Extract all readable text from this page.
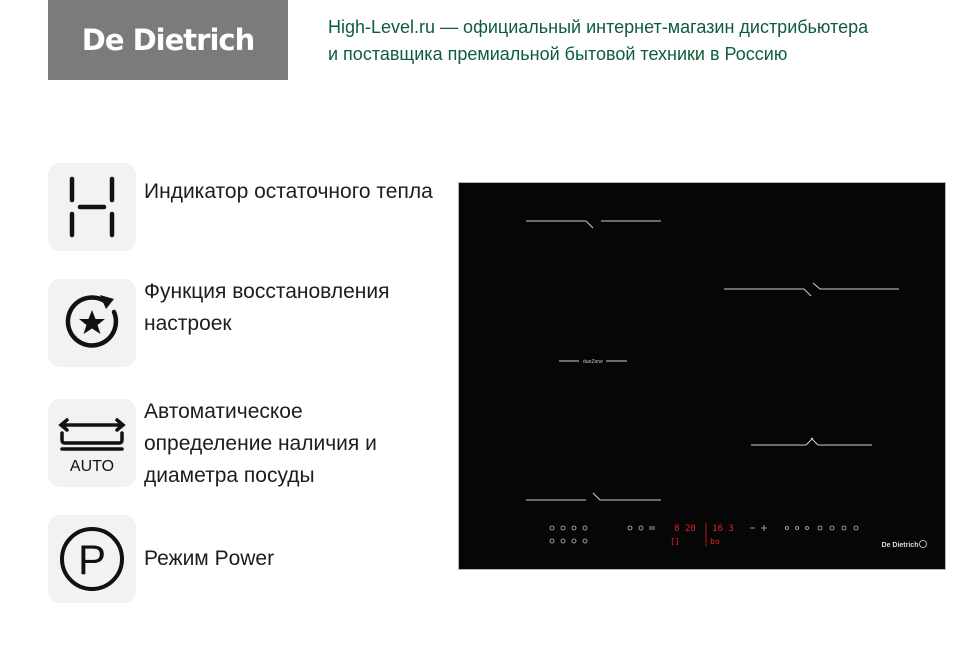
De Dietrich	High-Level.ru — официальный интернет-магазин дистрибьютера
и поставщика премиальной бытовой техники в Россию
Индикатор остаточного тепла
Функция восстановления настроек
AUTO
Автоматическое определение наличия и диаметра посуды
P Режим Power
duoZone
8 20
[]
16 3
bo	De Dietrich
